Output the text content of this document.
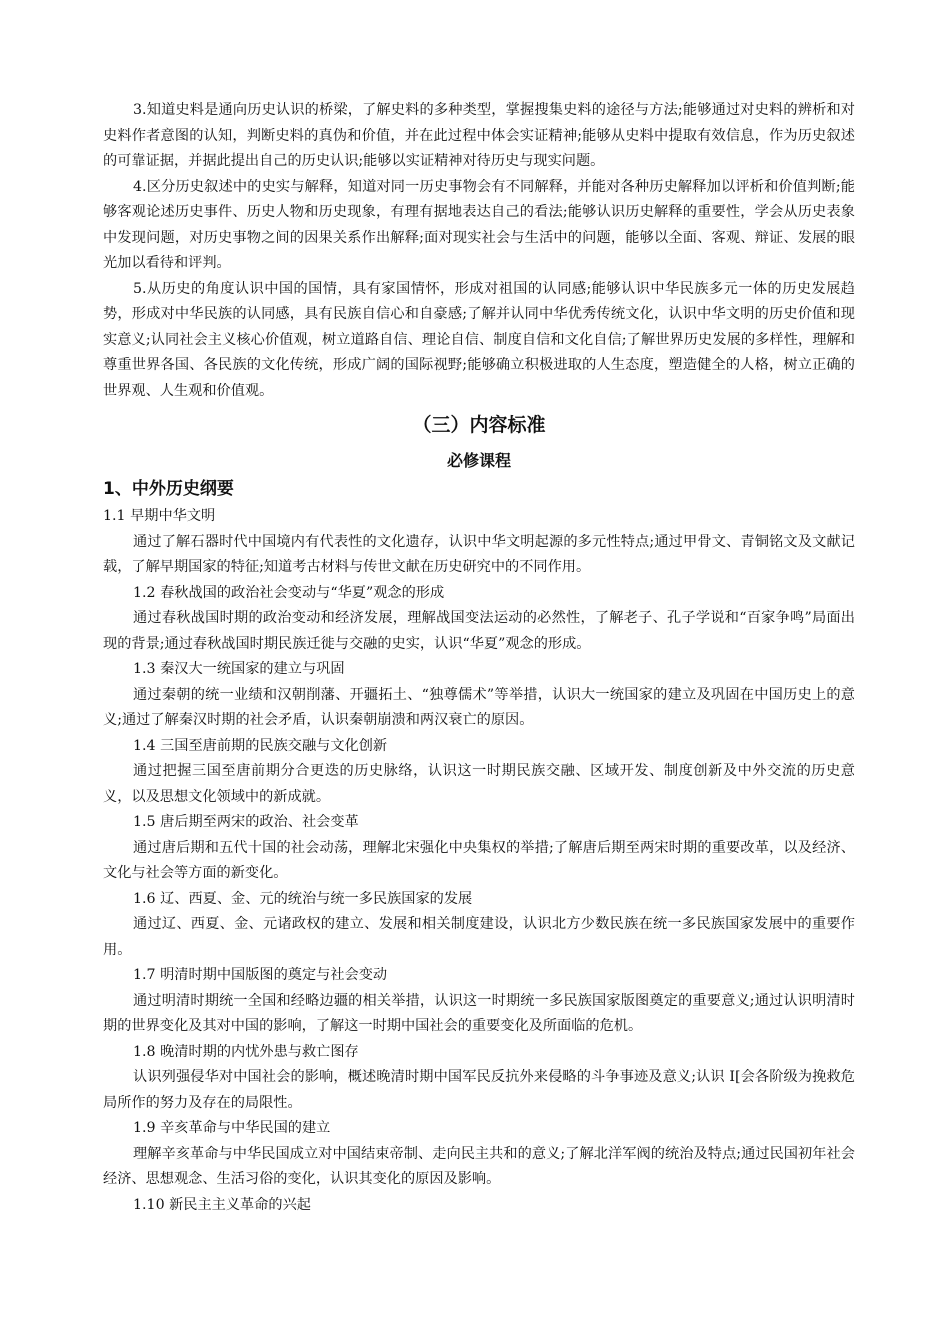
3.知道史料是通向历史认识的桥梁，了解史料的多种类型，掌握搜集史料的途径与方法;能够通过对史料的辨析和对史料作者意图的认知，判断史料的真伪和价值，并在此过程中体会实证精神;能够从史料中提取有效信息，作为历史叙述的可靠证据，并据此提出自己的历史认识;能够以实证精神对待历史与现实问题。

4.区分历史叙述中的史实与解释，知道对同一历史事物会有不同解释，并能对各种历史解释加以评析和价值判断;能够客观论述历史事件、历史人物和历史现象，有理有据地表达自己的看法;能够认识历史解释的重要性，学会从历史表象中发现问题，对历史事物之间的因果关系作出解释;面对现实社会与生活中的问题，能够以全面、客观、辩证、发展的眼光加以看待和评判。

5.从历史的角度认识中国的国情，具有家国情怀，形成对祖国的认同感;能够认识中华民族多元一体的历史发展趋势，形成对中华民族的认同感，具有民族自信心和自豪感;了解并认同中华优秀传统文化，认识中华文明的历史价值和现实意义;认同社会主义核心价值观，树立道路自信、理论自信、制度自信和文化自信;了解世界历史发展的多样性，理解和尊重世界各国、各民族的文化传统，形成广阔的国际视野;能够确立积极进取的人生态度，塑造健全的人格，树立正确的世界观、人生观和价值观。

（三）内容标准
必修课程
1、中外历史纲要

1.1 早期中华文明

通过了解石器时代中国境内有代表性的文化遗存，认识中华文明起源的多元性特点;通过甲骨文、青铜铭文及文献记载，了解早期国家的特征;知道考古材料与传世文献在历史研究中的不同作用。

1.2 春秋战国的政治社会变动与“华夏”观念的形成

通过春秋战国时期的政治变动和经济发展，理解战国变法运动的必然性，了解老子、孔子学说和“百家争鸣”局面出现的背景;通过春秋战国时期民族迁徙与交融的史实，认识“华夏”观念的形成。

1.3 秦汉大一统国家的建立与巩固

通过秦朝的统一业绩和汉朝削藩、开疆拓土、“独尊儒术”等举措，认识大一统国家的建立及巩固在中国历史上的意义;通过了解秦汉时期的社会矛盾，认识秦朝崩溃和两汉衰亡的原因。

1.4 三国至唐前期的民族交融与文化创新

通过把握三国至唐前期分合更迭的历史脉络，认识这一时期民族交融、区域开发、制度创新及中外交流的历史意义，以及思想文化领域中的新成就。

1.5 唐后期至两宋的政治、社会变革

通过唐后期和五代十国的社会动荡，理解北宋强化中央集权的举措;了解唐后期至两宋时期的重要改革，以及经济、文化与社会等方面的新变化。

1.6 辽、西夏、金、元的统治与统一多民族国家的发展

通过辽、西夏、金、元诸政权的建立、发展和相关制度建设，认识北方少数民族在统一多民族国家发展中的重要作用。

1.7 明清时期中国版图的奠定与社会变动

通过明清时期统一全国和经略边疆的相关举措，认识这一时期统一多民族国家版图奠定的重要意义;通过认识明清时期的世界变化及其对中国的影响，了解这一时期中国社会的重要变化及所面临的危机。

1.8 晚清时期的内忧外患与救亡图存

认识列强侵华对中国社会的影响，概述晚清时期中国军民反抗外来侵略的斗争事迹及意义;认识 I[会各阶级为挽救危局所作的努力及存在的局限性。

1.9 辛亥革命与中华民国的建立

理解辛亥革命与中华民国成立对中国结束帝制、走向民主共和的意义;了解北洋军阀的统治及特点;通过民国初年社会经济、思想观念、生活习俗的变化，认识其变化的原因及影响。

1.10 新民主主义革命的兴起
